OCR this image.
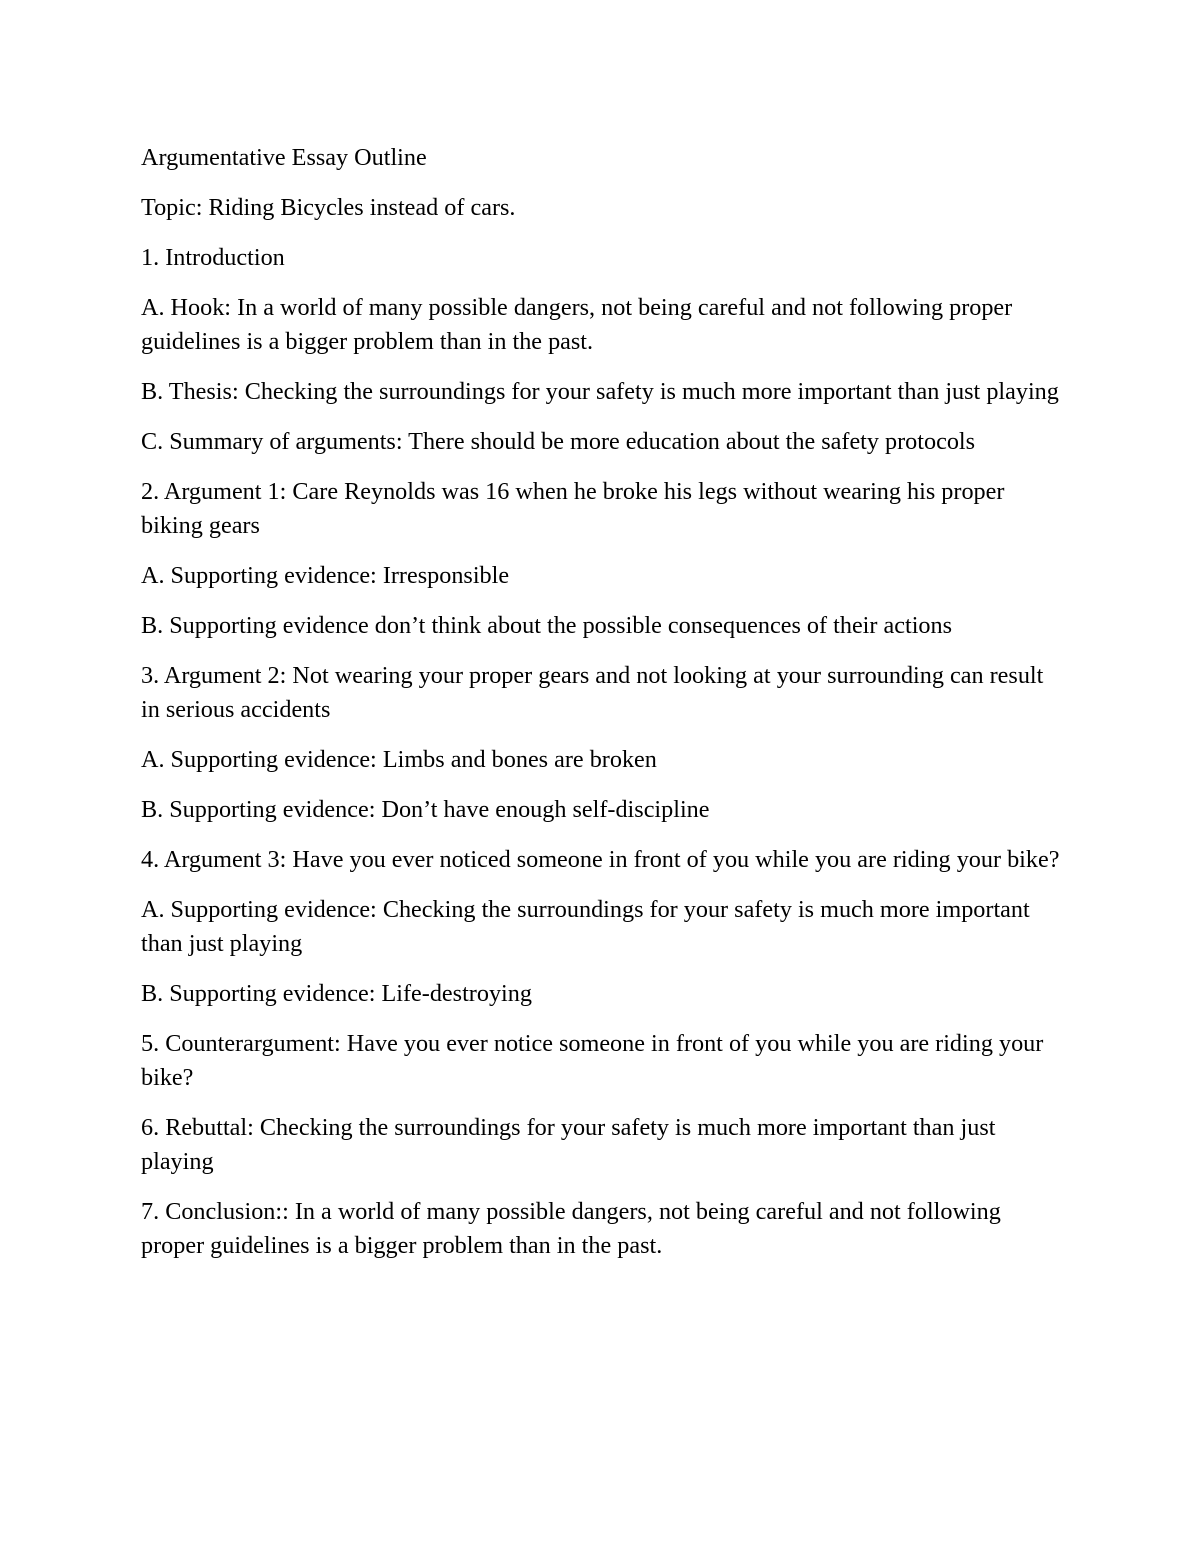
Argumentative Essay Outline

Topic: Riding Bicycles instead of cars.

1. Introduction

A. Hook: In a world of many possible dangers, not being careful and not following proper guidelines is a bigger problem than in the past.

B. Thesis: Checking the surroundings for your safety is much more important than just playing

C. Summary of arguments: There should be more education about the safety protocols

2. Argument 1: Care Reynolds was 16 when he broke his legs without wearing his proper biking gears

A. Supporting evidence: Irresponsible

B. Supporting evidence don’t think about the possible consequences of their actions

3. Argument 2: Not wearing your proper gears and not looking at your surrounding can result in serious accidents

A. Supporting evidence: Limbs and bones are broken

B. Supporting evidence: Don’t have enough self-discipline

4. Argument 3: Have you ever noticed someone in front of you while you are riding your bike?

A. Supporting evidence: Checking the surroundings for your safety is much more important than just playing

B. Supporting evidence: Life-destroying

5. Counterargument: Have you ever notice someone in front of you while you are riding your bike?

6. Rebuttal: Checking the surroundings for your safety is much more important than just playing

7. Conclusion:: In a world of many possible dangers, not being careful and not following proper guidelines is a bigger problem than in the past.
